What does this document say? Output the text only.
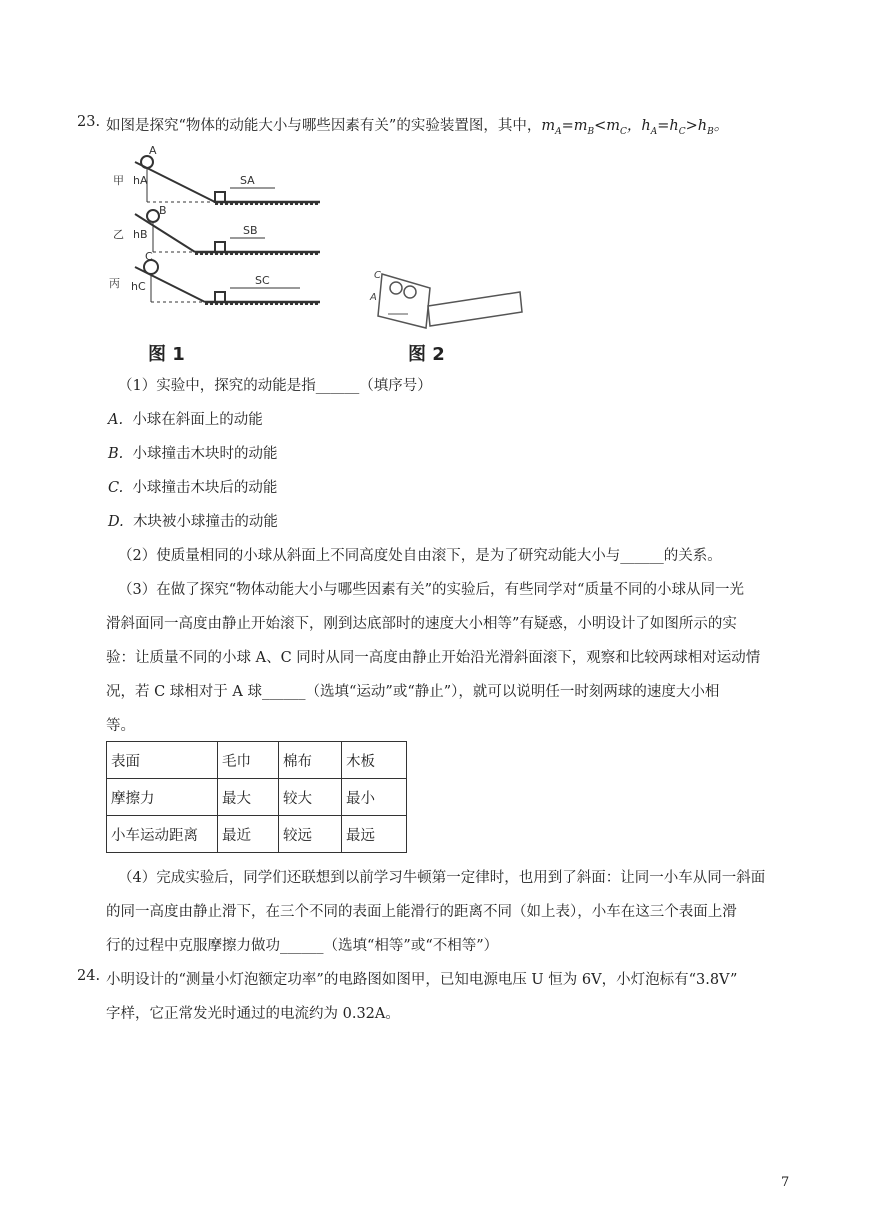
23. 如图是探究“物体的动能大小与哪些因素有关”的实验装置图，其中，$m_A=m_B<m_C$，$h_A=h_C>h_B$。
A
甲 hA	SA
B
乙 hB	SB
C
丙 hC	SC
图 1
C
A
图 2
（1）实验中，探究的动能是指______（填序号）
A. 小球在斜面上的动能
B. 小球撞击木块时的动能
C. 小球撞击木块后的动能
D. 木块被小球撞击的动能
（2）使质量相同的小球从斜面上不同高度处自由滚下，是为了研究动能大小与______的关系。
（3）在做了探究“物体动能大小与哪些因素有关”的实验后，有些同学对“质量不同的小球从同一光
滑斜面同一高度由静止开始滚下，刚到达底部时的速度大小相等”有疑惑，小明设计了如图所示的实
验：让质量不同的小球 A、C 同时从同一高度由静止开始沿光滑斜面滚下，观察和比较两球相对运动情
况，若 C 球相对于 A 球______（选填“运动”或“静止”），就可以说明任一时刻两球的速度大小相
等。
表面	毛巾	棉布	木板
摩擦力	最大	较大	最小
小车运动距离	最近	较远	最远
（4）完成实验后，同学们还联想到以前学习牛顿第一定律时，也用到了斜面：让同一小车从同一斜面
的同一高度由静止滑下，在三个不同的表面上能滑行的距离不同（如上表），小车在这三个表面上滑
行的过程中克服摩擦力做功______（选填“相等”或“不相等”）
24. 小明设计的“测量小灯泡额定功率”的电路图如图甲，已知电源电压 U 恒为 6V，小灯泡标有“3.8V”
字样，它正常发光时通过的电流约为 0.32A。
7
